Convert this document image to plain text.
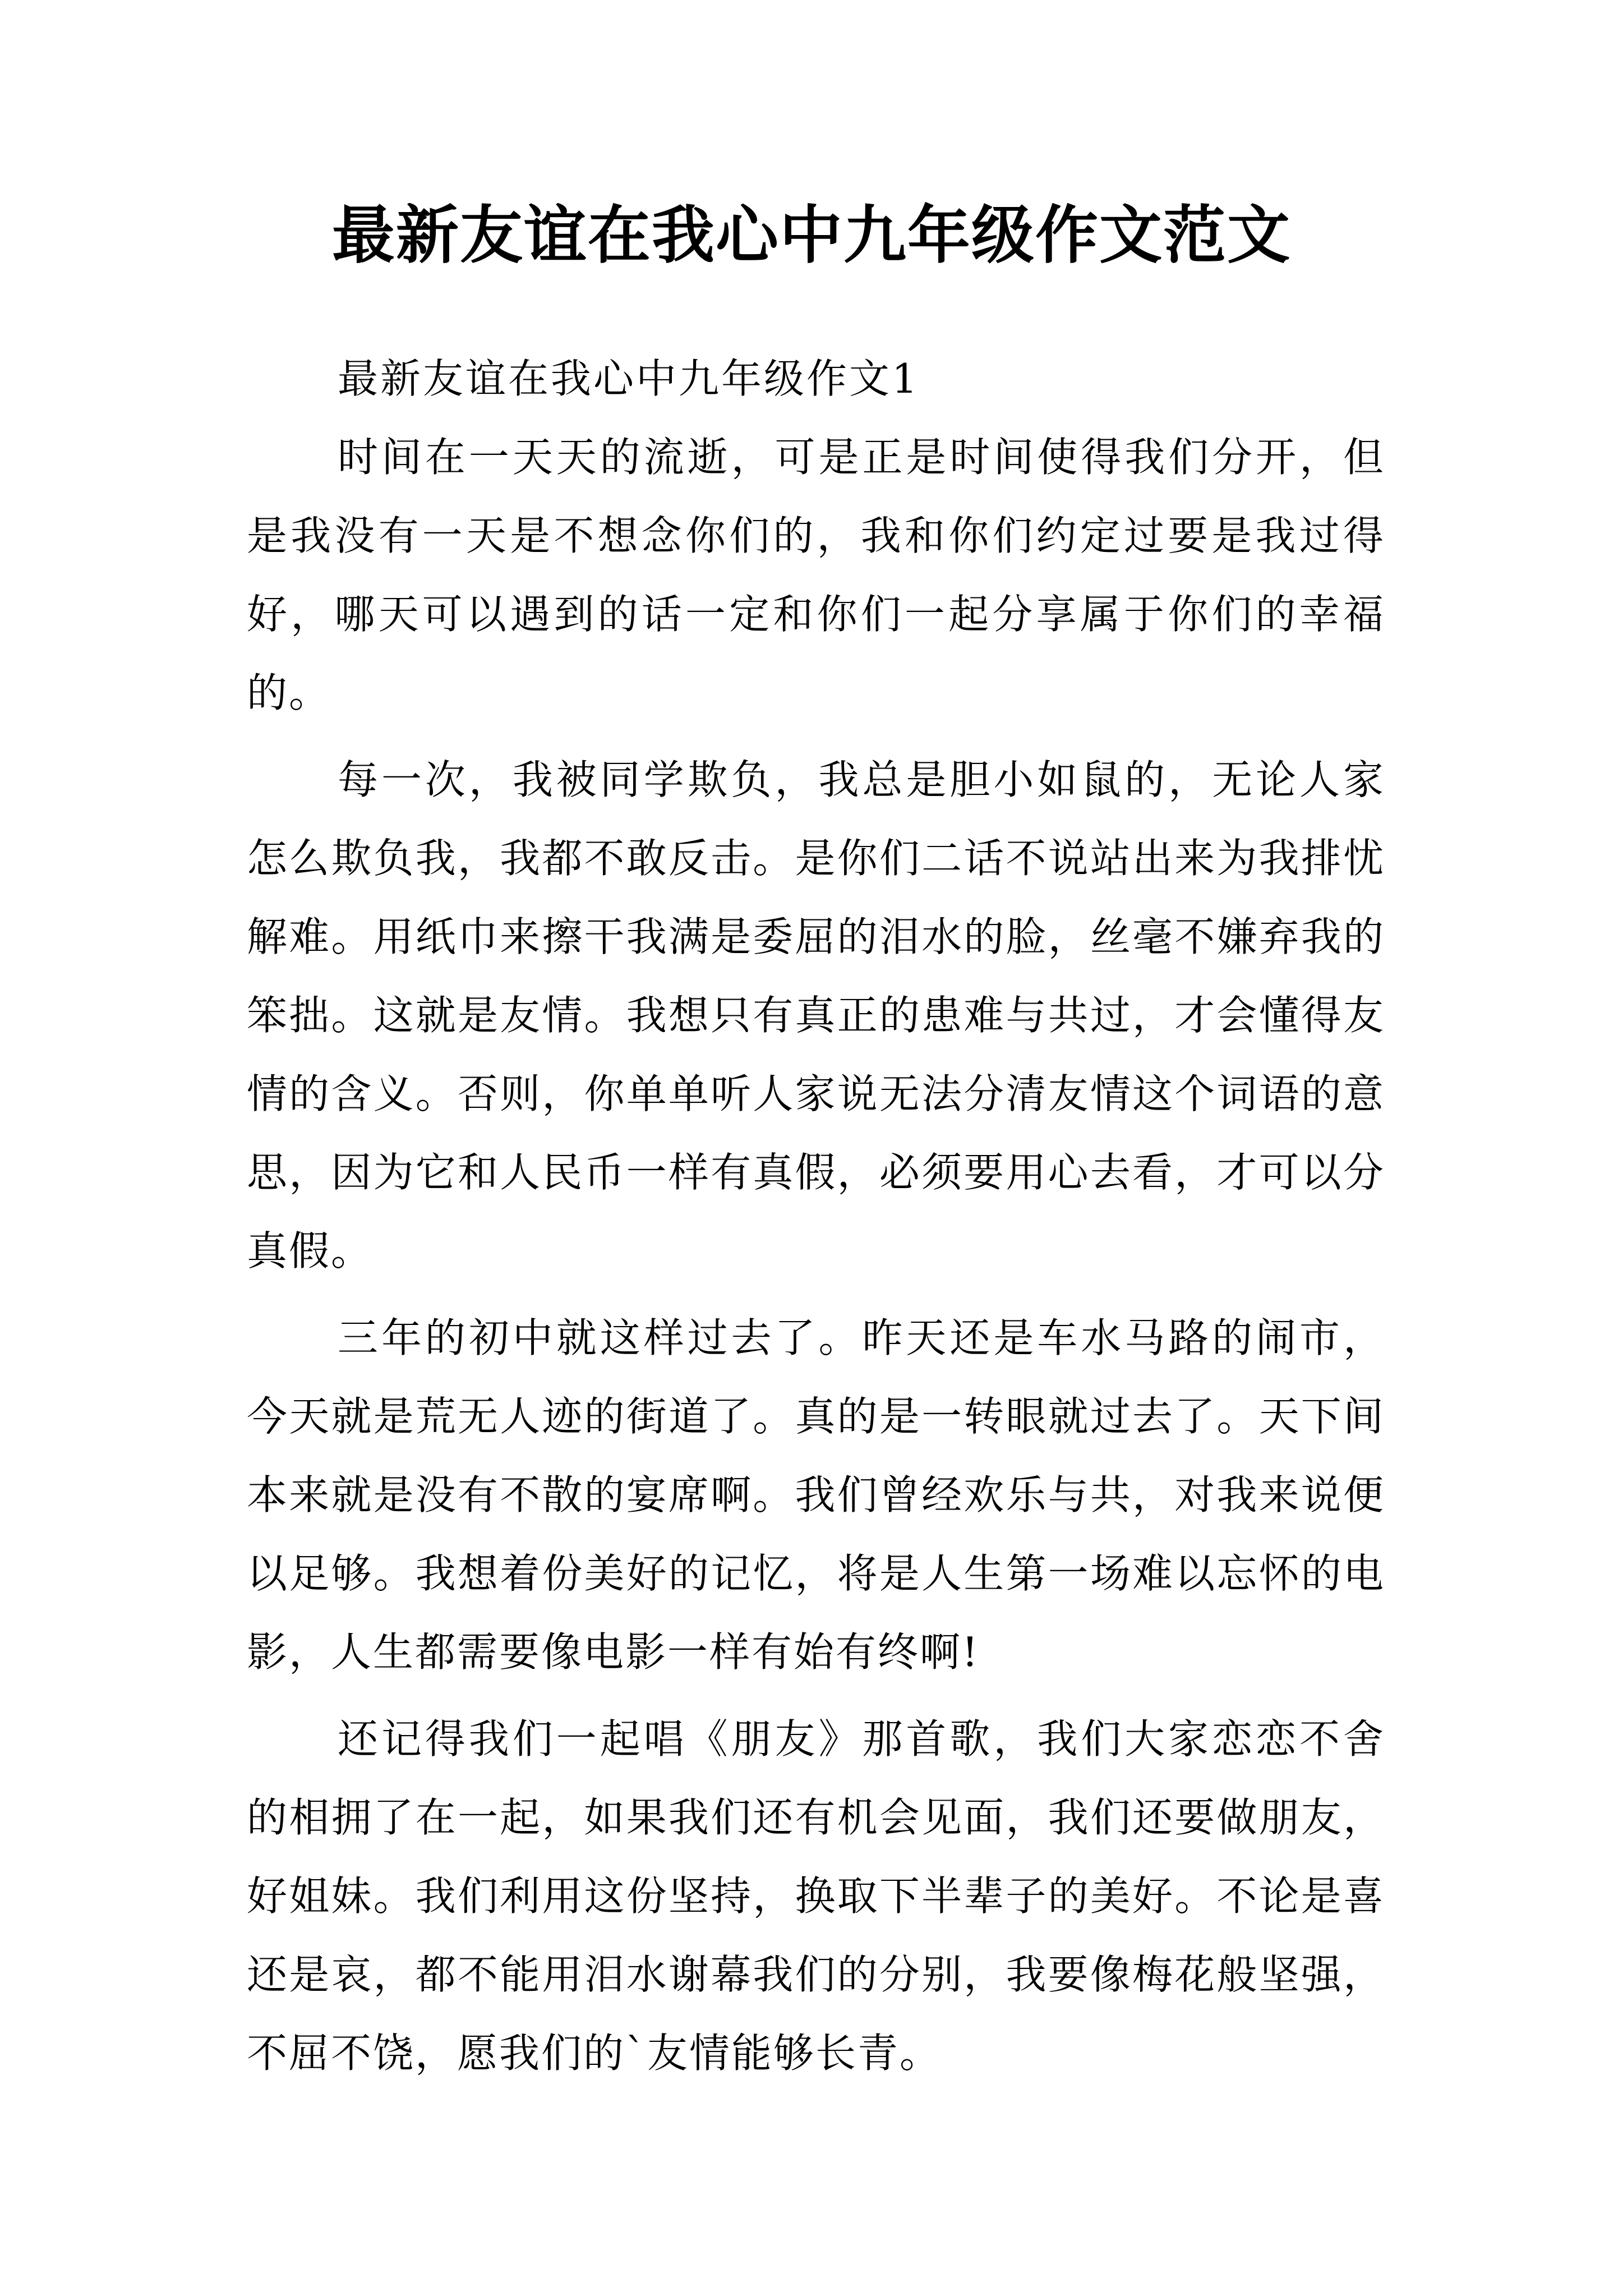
最新友谊在我心中九年级作文范文

最新友谊在我心中九年级作文1

时间在一天天的流逝，可是正是时间使得我们分开，但是我没有一天是不想念你们的，我和你们约定过要是我过得好，哪天可以遇到的话一定和你们一起分享属于你们的幸福的。

每一次，我被同学欺负，我总是胆小如鼠的，无论人家怎么欺负我，我都不敢反击。是你们二话不说站出来为我排忧解难。用纸巾来擦干我满是委屈的泪水的脸，丝毫不嫌弃我的笨拙。这就是友情。我想只有真正的患难与共过，才会懂得友情的含义。否则，你单单听人家说无法分清友情这个词语的意思，因为它和人民币一样有真假，必须要用心去看，才可以分真假。

三年的初中就这样过去了。昨天还是车水马路的闹市，今天就是荒无人迹的街道了。真的是一转眼就过去了。天下间本来就是没有不散的宴席啊。我们曾经欢乐与共，对我来说便以足够。我想着份美好的记忆，将是人生第一场难以忘怀的电影，人生都需要像电影一样有始有终啊!

还记得我们一起唱《朋友》那首歌，我们大家恋恋不舍的相拥了在一起，如果我们还有机会见面，我们还要做朋友，好姐妹。我们利用这份坚持，换取下半辈子的美好。不论是喜还是哀，都不能用泪水谢幕我们的分别，我要像梅花般坚强，不屈不饶，愿我们的`友情能够长青。
